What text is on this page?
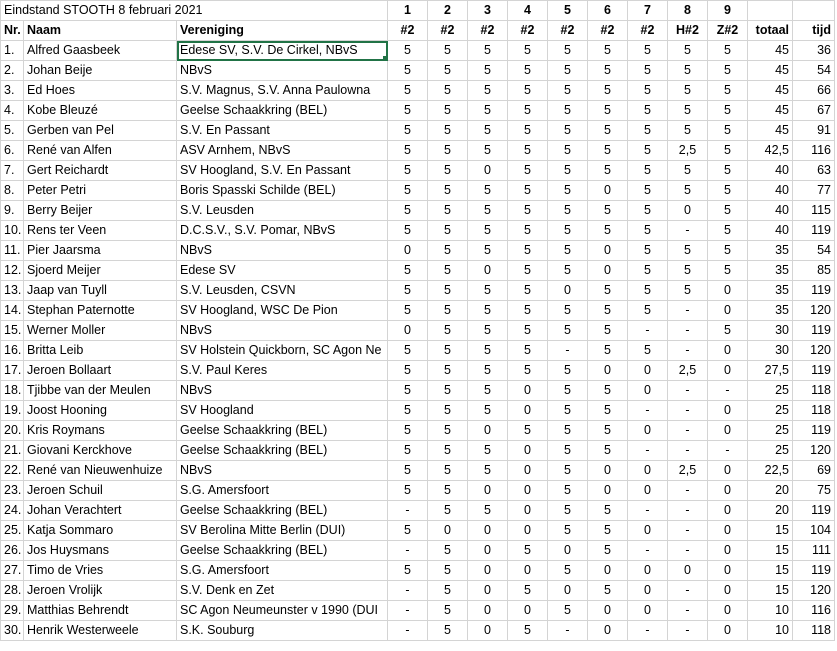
Eindstand STOOTH 8 februari 2021			1	2	3	4	5	6	7	8	9		
Nr.	Naam	Vereniging	#2	#2	#2	#2	#2	#2	#2	H#2	Z#2	totaal	tijd
1.	Alfred Gaasbeek	Edese SV, S.V. De Cirkel, NBvS	5	5	5	5	5	5	5	5	5	45	36
2.	Johan Beije	NBvS	5	5	5	5	5	5	5	5	5	45	54
3.	Ed Hoes	S.V. Magnus, S.V. Anna Paulowna	5	5	5	5	5	5	5	5	5	45	66
4.	Kobe Bleuzé	Geelse Schaakkring (BEL)	5	5	5	5	5	5	5	5	5	45	67
5.	Gerben van Pel	S.V. En Passant	5	5	5	5	5	5	5	5	5	45	91
6.	René van Alfen	ASV Arnhem, NBvS	5	5	5	5	5	5	5	2,5	5	42,5	116
7.	Gert Reichardt	SV Hoogland, S.V. En Passant	5	5	0	5	5	5	5	5	5	40	63
8.	Peter Petri	Boris Spasski Schilde (BEL)	5	5	5	5	5	0	5	5	5	40	77
9.	Berry Beijer	S.V. Leusden	5	5	5	5	5	5	5	0	5	40	115
10.	Rens ter Veen	D.C.S.V., S.V. Pomar, NBvS	5	5	5	5	5	5	5	-	5	40	119
11.	Pier Jaarsma	NBvS	0	5	5	5	5	0	5	5	5	35	54
12.	Sjoerd Meijer	Edese SV	5	5	0	5	5	0	5	5	5	35	85
13.	Jaap van Tuyll	S.V. Leusden, CSVN	5	5	5	5	0	5	5	5	0	35	119
14.	Stephan Paternotte	SV Hoogland, WSC De Pion	5	5	5	5	5	5	5	-	0	35	120
15.	Werner Moller	NBvS	0	5	5	5	5	5	-	-	5	30	119
16.	Britta Leib	SV Holstein Quickborn, SC Agon Ne	5	5	5	5	-	5	5	-	0	30	120
17.	Jeroen Bollaart	S.V. Paul Keres	5	5	5	5	5	0	0	2,5	0	27,5	119
18.	Tjibbe van der Meulen	NBvS	5	5	5	0	5	5	0	-	-	25	118
19.	Joost Hooning	SV Hoogland	5	5	5	0	5	5	-	-	0	25	118
20.	Kris Roymans	Geelse Schaakkring (BEL)	5	5	0	5	5	5	0	-	0	25	119
21.	Giovani Kerckhove	Geelse Schaakkring (BEL)	5	5	5	0	5	5	-	-	-	25	120
22.	René van Nieuwenhuize	NBvS	5	5	5	0	5	0	0	2,5	0	22,5	69
23.	Jeroen Schuil	S.G. Amersfoort	5	5	0	0	5	0	0	-	0	20	75
24.	Johan Verachtert	Geelse Schaakkring (BEL)	-	5	5	0	5	5	-	-	0	20	119
25.	Katja Sommaro	SV Berolina Mitte Berlin (DUI)	5	0	0	0	5	5	0	-	0	15	104
26.	Jos Huysmans	Geelse Schaakkring (BEL)	-	5	0	5	0	5	-	-	0	15	111
27.	Timo de Vries	S.G. Amersfoort	5	5	0	0	5	0	0	0	0	15	119
28.	Jeroen Vrolijk	S.V. Denk en Zet	-	5	0	5	0	5	0	-	0	15	120
29.	Matthias Behrendt	SC Agon Neumeunster v 1990 (DUI	-	5	0	0	5	0	0	-	0	10	116
30.	Henrik Westerweele	S.K. Souburg	-	5	0	5	-	0	-	-	0	10	118
